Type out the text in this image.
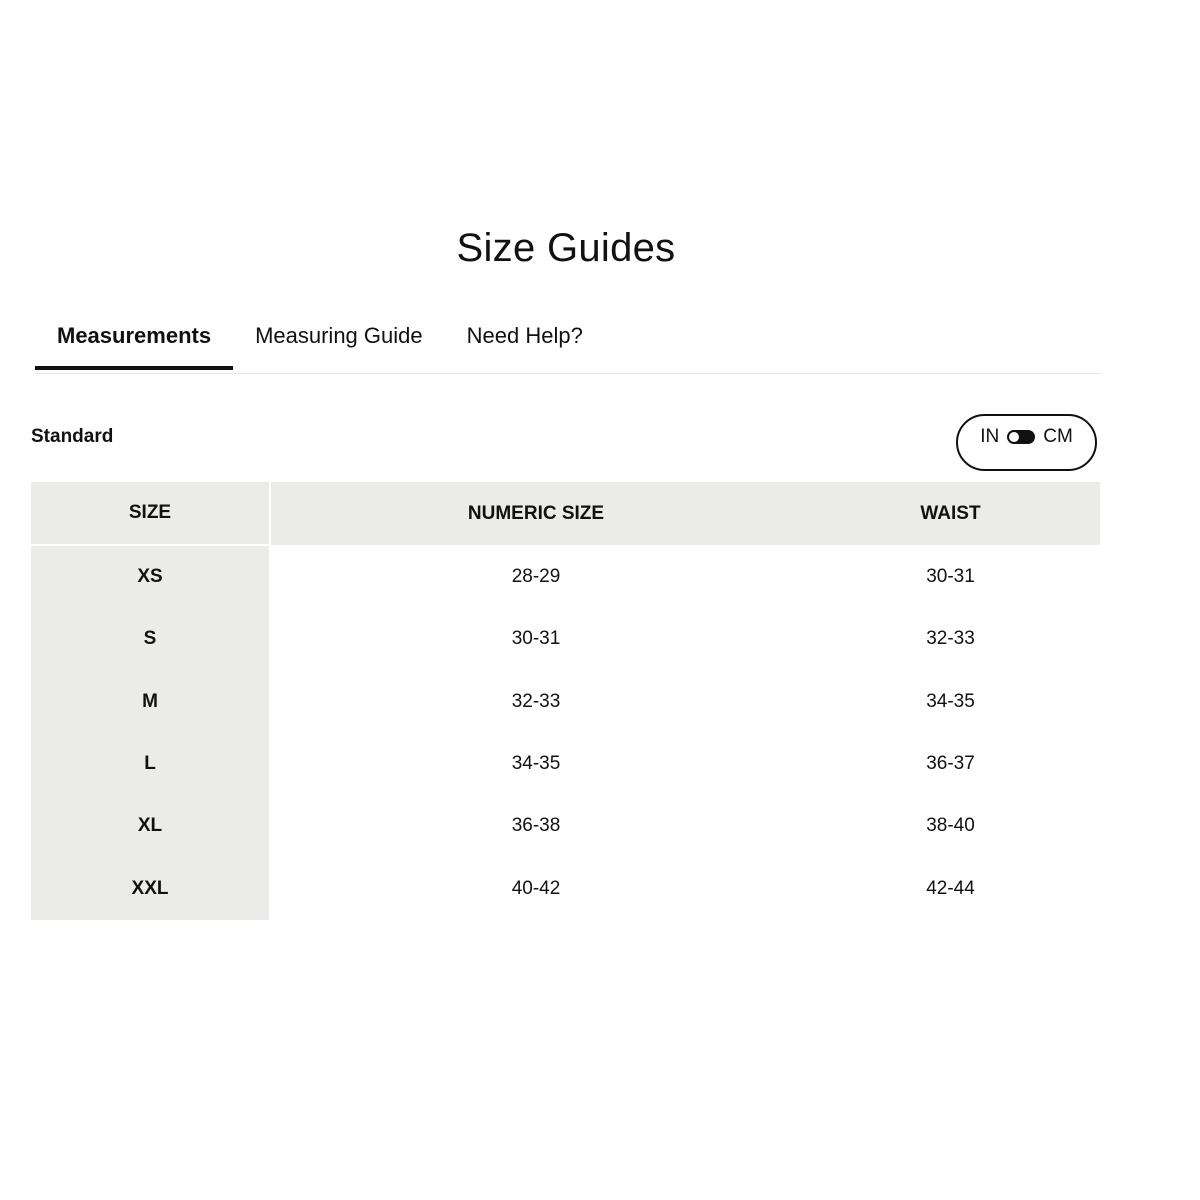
Size Guides
Measurements	Measuring Guide	Need Help?
Standard	IN CM
SIZE	NUMERIC SIZE	WAIST
XS	28-29	30-31
S	30-31	32-33
M	32-33	34-35
L	34-35	36-37
XL	36-38	38-40
XXL	40-42	42-44
